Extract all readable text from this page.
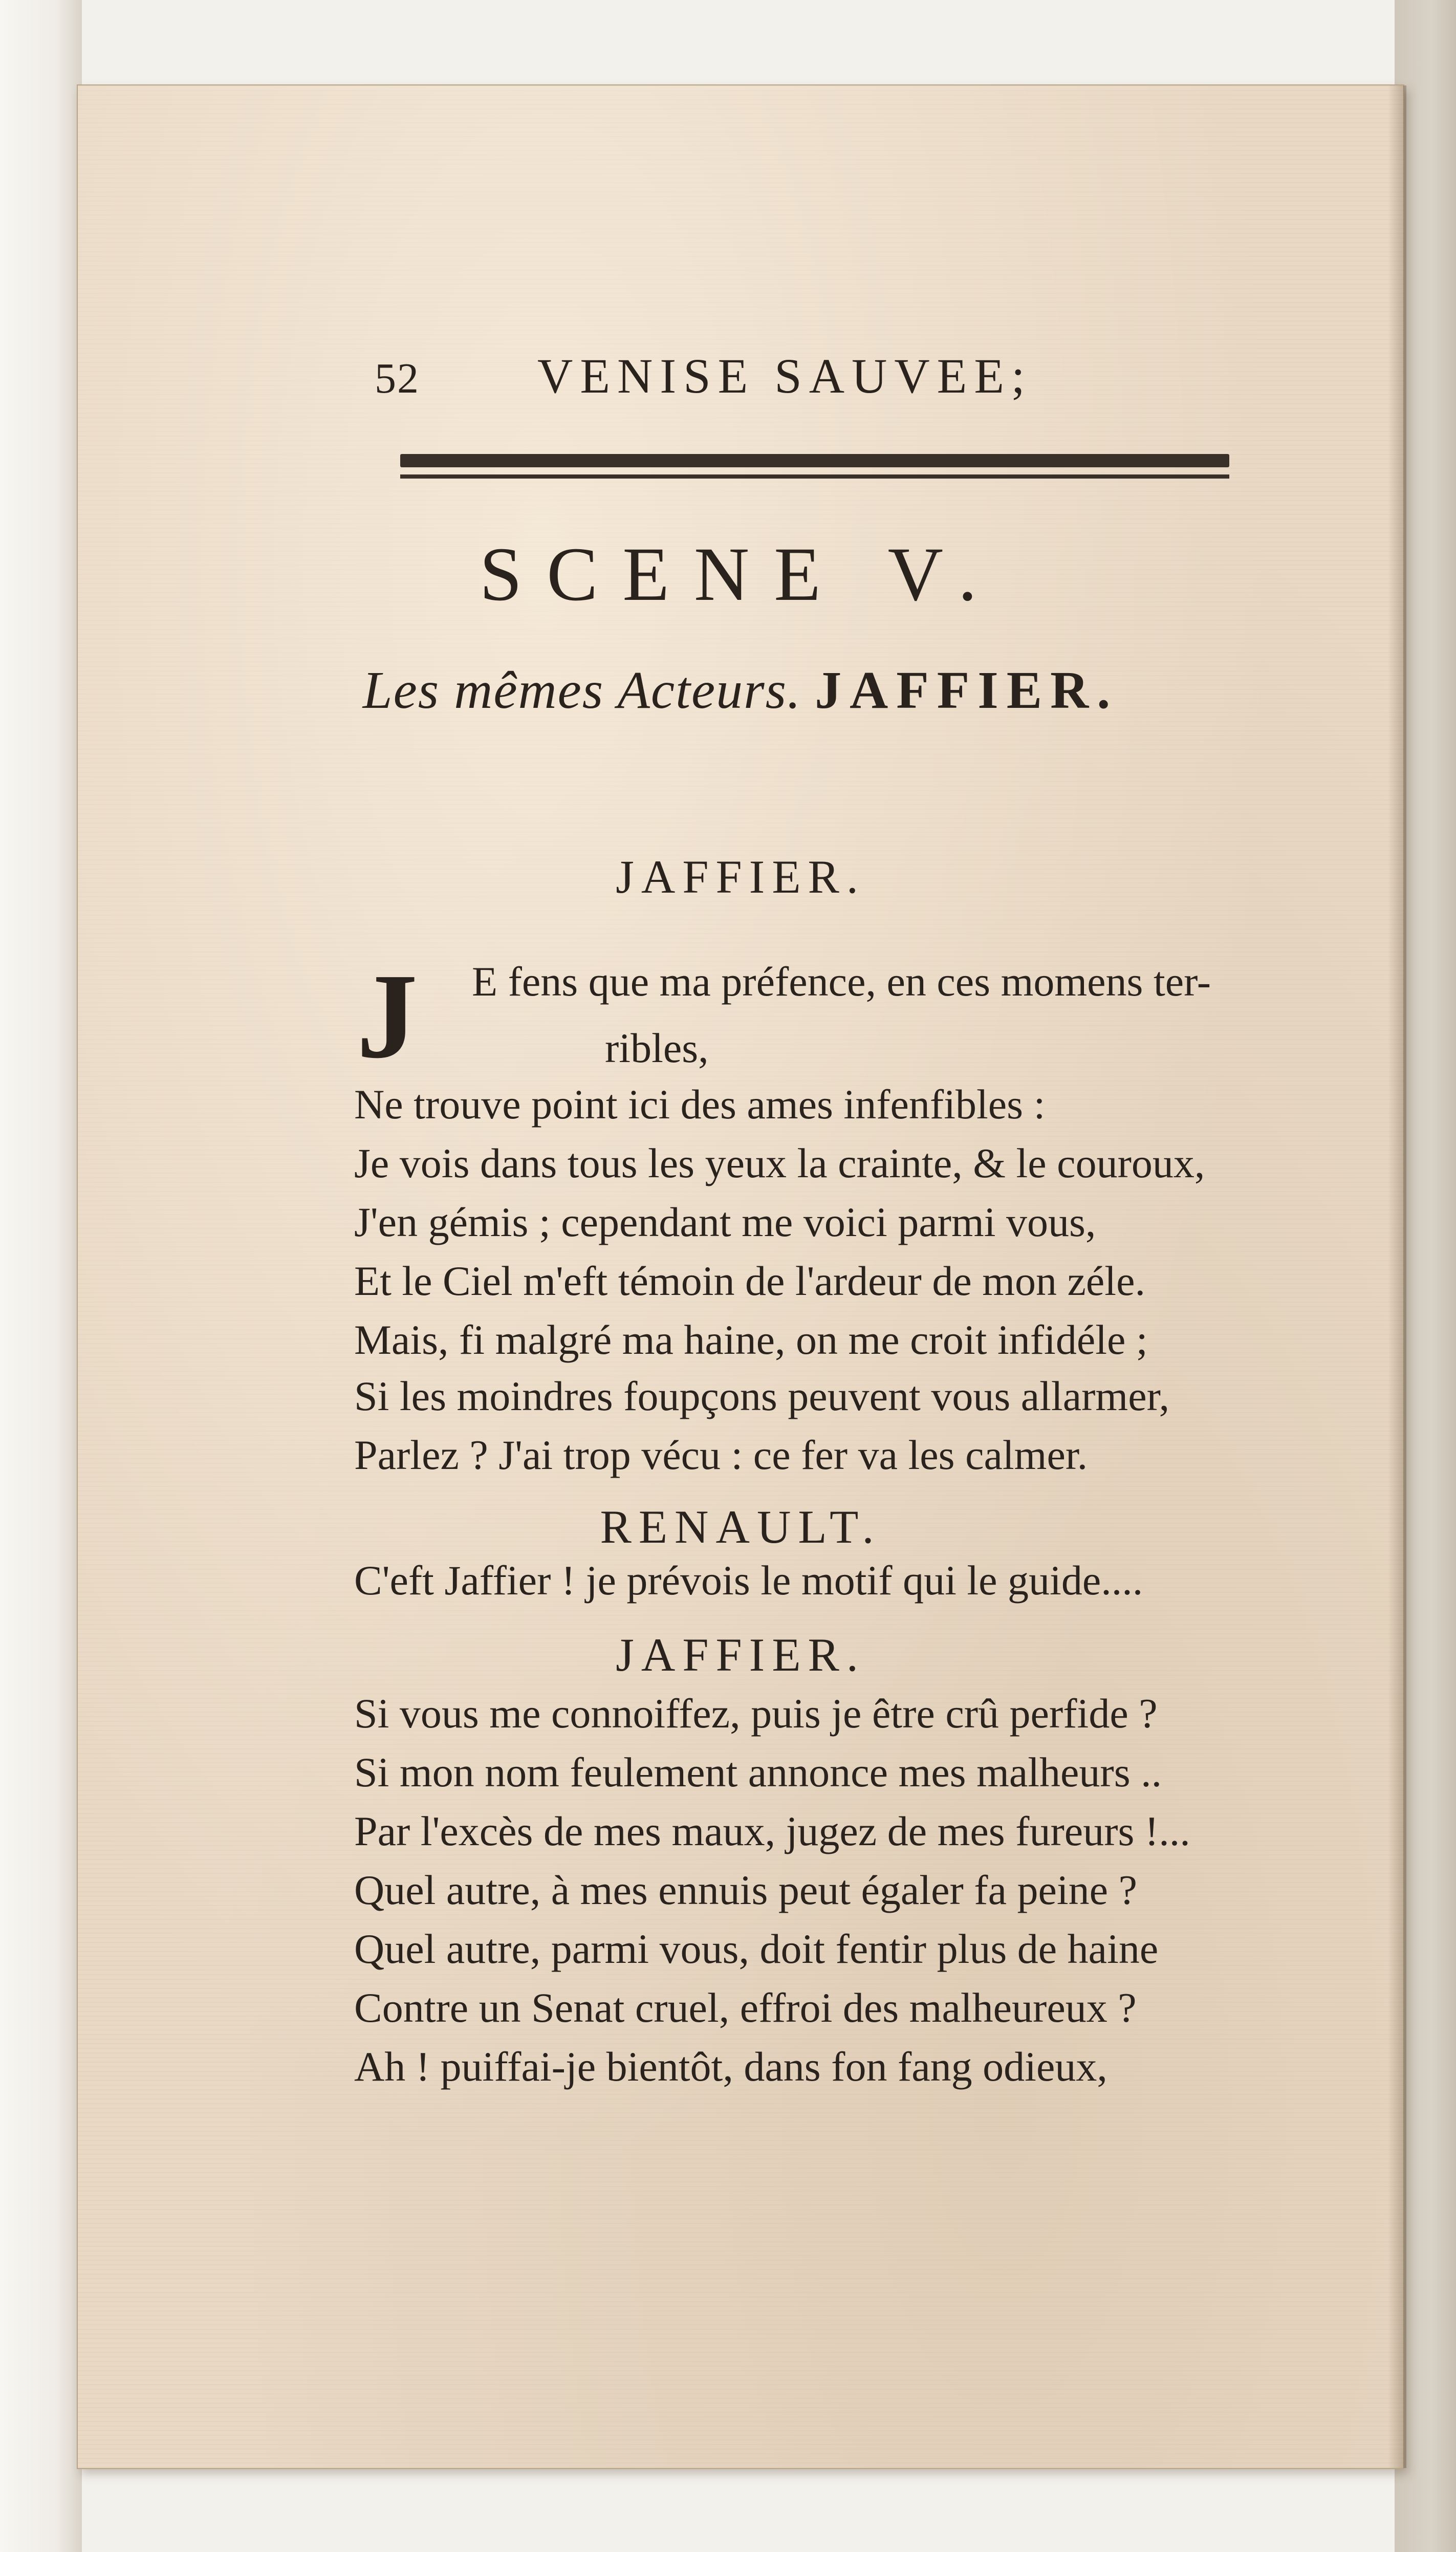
52 VENISE SAUVEE;
SCENE V.
Les mêmes Acteurs. JAFFIER.
JAFFIER.
J E fens que ma préfence, en ces momens ter-
ribles,
Ne trouve point ici des ames infenfibles :
Je vois dans tous les yeux la crainte, & le couroux,
J'en gémis ; cependant me voici parmi vous,
Et le Ciel m'eft témoin de l'ardeur de mon zéle.
Mais, fi malgré ma haine, on me croit infidéle ;
Si les moindres foupçons peuvent vous allarmer,
Parlez ? J'ai trop vécu : ce fer va les calmer.
RENAULT.
C'eft Jaffier ! je prévois le motif qui le guide....
JAFFIER.
Si vous me connoiffez, puis je être crû perfide ?
Si mon nom feulement annonce mes malheurs ..
Par l'excès de mes maux, jugez de mes fureurs !...
Quel autre, à mes ennuis peut égaler fa peine ?
Quel autre, parmi vous, doit fentir plus de haine
Contre un Senat cruel, effroi des malheureux ?
Ah ! puiffai-je bientôt, dans fon fang odieux,
